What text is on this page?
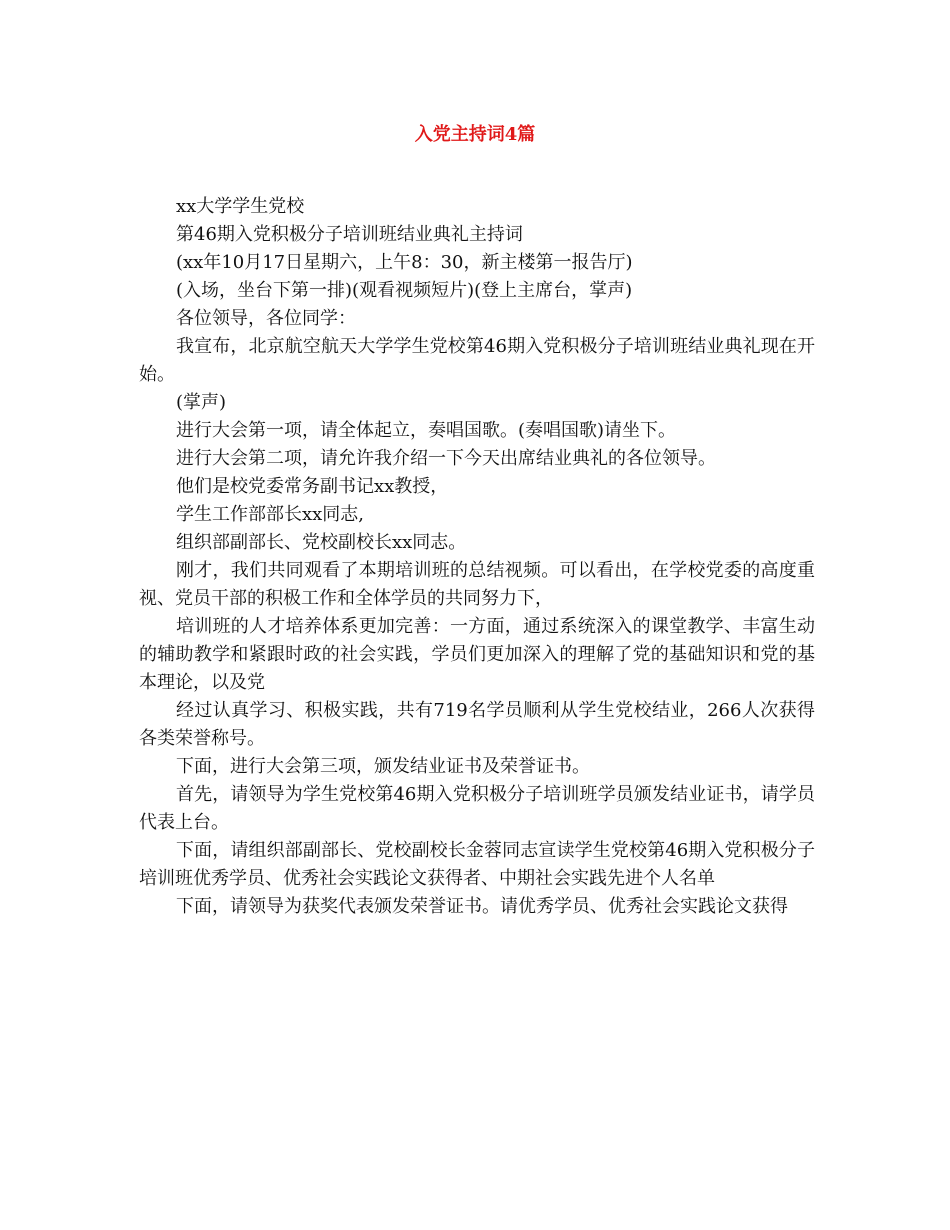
入党主持词4篇

xx大学学生党校

第46期入党积极分子培训班结业典礼主持词

(xx年10月17日星期六，上午8：30，新主楼第一报告厅)

(入场，坐台下第一排)(观看视频短片)(登上主席台，掌声)

各位领导，各位同学：

我宣布，北京航空航天大学学生党校第46期入党积极分子培训班结业典礼现在开始。

(掌声)

进行大会第一项，请全体起立，奏唱国歌。(奏唱国歌)请坐下。

进行大会第二项，请允许我介绍一下今天出席结业典礼的各位领导。

他们是校党委常务副书记xx教授，

学生工作部部长xx同志,

组织部副部长、党校副校长xx同志。

刚才，我们共同观看了本期培训班的总结视频。可以看出，在学校党委的高度重视、党员干部的积极工作和全体学员的共同努力下，

培训班的人才培养体系更加完善：一方面，通过系统深入的课堂教学、丰富生动的辅助教学和紧跟时政的社会实践，学员们更加深入的理解了党的基础知识和党的基本理论，以及党

经过认真学习、积极实践，共有719名学员顺利从学生党校结业，266人次获得各类荣誉称号。

下面，进行大会第三项，颁发结业证书及荣誉证书。

首先，请领导为学生党校第46期入党积极分子培训班学员颁发结业证书，请学员代表上台。

下面，请组织部副部长、党校副校长金蓉同志宣读学生党校第46期入党积极分子培训班优秀学员、优秀社会实践论文获得者、中期社会实践先进个人名单

下面，请领导为获奖代表颁发荣誉证书。请优秀学员、优秀社会实践论文获得
